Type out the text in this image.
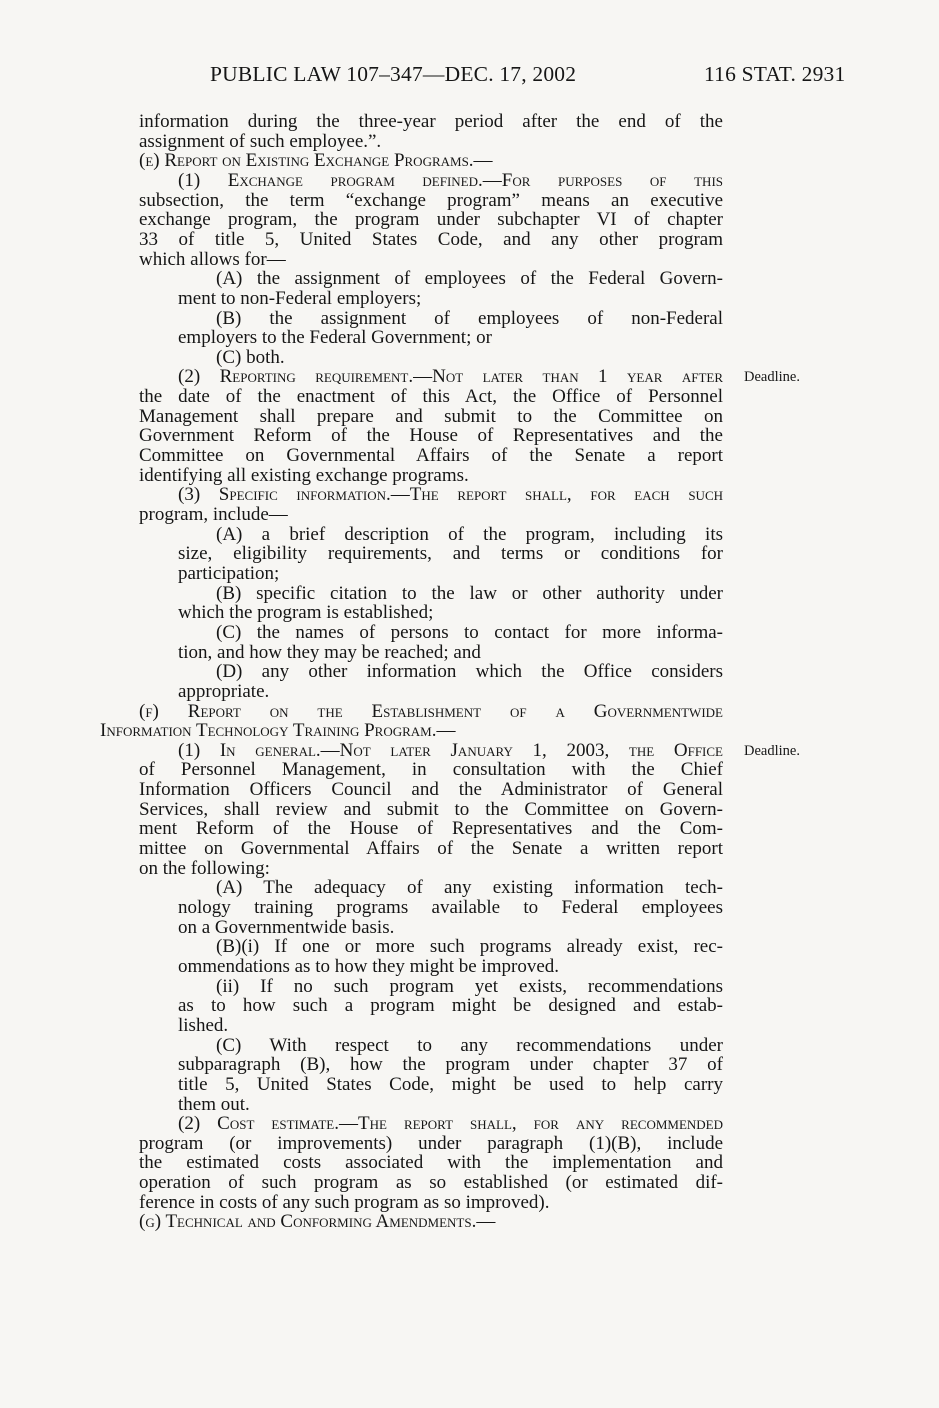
PUBLIC LAW 107–347—DEC. 17, 2002	116 STAT. 2931
information during the three-year period after the end of the
assignment of such employee.”.
(e) Report on Existing Exchange Programs.—
(1) Exchange program defined.—For purposes of this
subsection, the term “exchange program” means an executive
exchange program, the program under subchapter VI of chapter
33 of title 5, United States Code, and any other program
which allows for—
(A) the assignment of employees of the Federal Govern-
ment to non-Federal employers;
(B) the assignment of employees of non-Federal
employers to the Federal Government; or
(C) both.
(2) Reporting requirement.—Not later than 1 year after
the date of the enactment of this Act, the Office of Personnel
Management shall prepare and submit to the Committee on
Government Reform of the House of Representatives and the
Committee on Governmental Affairs of the Senate a report
identifying all existing exchange programs.
(3) Specific information.—The report shall, for each such
program, include—
(A) a brief description of the program, including its
size, eligibility requirements, and terms or conditions for
participation;
(B) specific citation to the law or other authority under
which the program is established;
(C) the names of persons to contact for more informa-
tion, and how they may be reached; and
(D) any other information which the Office considers
appropriate.
(f) Report on the Establishment of a Governmentwide
Information Technology Training Program.—
(1) In general.—Not later January 1, 2003, the Office
of Personnel Management, in consultation with the Chief
Information Officers Council and the Administrator of General
Services, shall review and submit to the Committee on Govern-
ment Reform of the House of Representatives and the Com-
mittee on Governmental Affairs of the Senate a written report
on the following:
(A) The adequacy of any existing information tech-
nology training programs available to Federal employees
on a Governmentwide basis.
(B)(i) If one or more such programs already exist, rec-
ommendations as to how they might be improved.
(ii) If no such program yet exists, recommendations
as to how such a program might be designed and estab-
lished.
(C) With respect to any recommendations under
subparagraph (B), how the program under chapter 37 of
title 5, United States Code, might be used to help carry
them out.
(2) Cost estimate.—The report shall, for any recommended
program (or improvements) under paragraph (1)(B), include
the estimated costs associated with the implementation and
operation of such program as so established (or estimated dif-
ference in costs of any such program as so improved).
(g) Technical and Conforming Amendments.—
Deadline.
Deadline.
